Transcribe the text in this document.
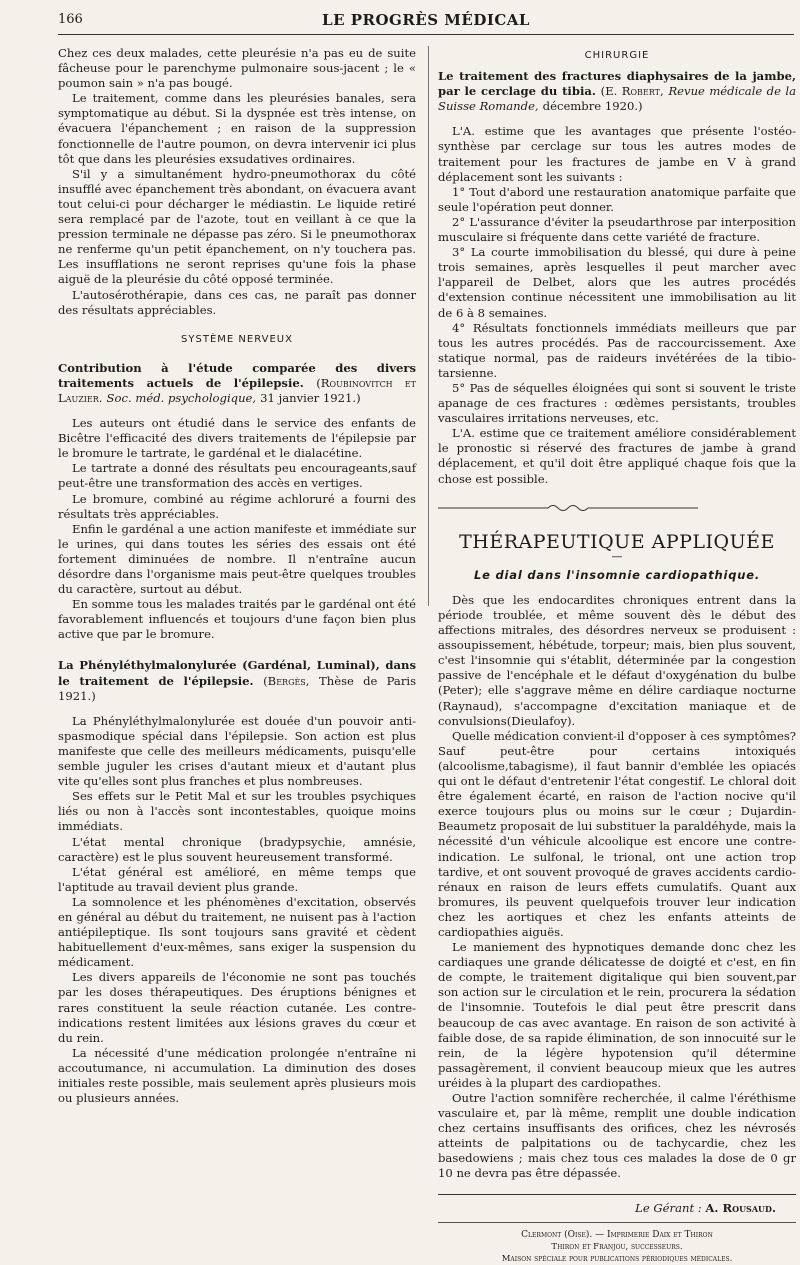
166	LE PROGRÈS MÉDICAL

Chez ces deux malades, cette pleurésie n'a pas eu de suite fâcheuse pour le parenchyme pulmonaire sous-jacent ; le « poumon sain » n'a pas bougé.

Le traitement, comme dans les pleurésies banales, sera symptomatique au début. Si la dyspnée est très intense, on évacuera l'épanchement ; en raison de la suppression fonctionnelle de l'autre poumon, on devra intervenir ici plus tôt que dans les pleurésies exsudatives ordinaires.

S'il y a simultanément hydro-pneumothorax du côté insufflé avec épanchement très abondant, on évacuera avant tout celui-ci pour décharger le médiastin. Le liquide retiré sera remplacé par de l'azote, tout en veillant à ce que la pression terminale ne dépasse pas zéro. Si le pneumothorax ne renferme qu'un petit épanchement, on n'y touchera pas. Les insufflations ne seront reprises qu'une fois la phase aiguë de la pleurésie du côté opposé terminée.

L'autosérothérapie, dans ces cas, ne paraît pas donner des résultats appréciables.

SYSTÈME NERVEUX

Contribution à l'étude comparée des divers traitements actuels de l'épilepsie. (Roubinovitch et Lauzier. Soc. méd. psychologique, 31 janvier 1921.)

Les auteurs ont étudié dans le service des enfants de Bicêtre l'efficacité des divers traitements de l'épilepsie par le bromure le tartrate, le gardénal et le dialacétine.

Le tartrate a donné des résultats peu encourageants,sauf peut-être une transformation des accès en vertiges.

Le bromure, combiné au régime achloruré a fourni des résultats très appréciables.

Enfin le gardénal a une action manifeste et immédiate sur le urines, qui dans toutes les séries des essais ont été fortement diminuées de nombre. Il n'entraîne aucun désordre dans l'organisme mais peut-être quelques troubles du caractère, surtout au début.

En somme tous les malades traités par le gardénal ont été favorablement influencés et toujours d'une façon bien plus active que par le bromure.

La Phényléthylmalonylurée (Gardénal, Luminal), dans le traitement de l'épilepsie. (Bergès, Thèse de Paris 1921.)

La Phényléthylmalonylurée est douée d'un pouvoir anti-spasmodique spécial dans l'épilepsie. Son action est plus manifeste que celle des meilleurs médicaments, puisqu'elle semble juguler les crises d'autant mieux et d'autant plus vite qu'elles sont plus franches et plus nombreuses.

Ses effets sur le Petit Mal et sur les troubles psychiques liés ou non à l'accès sont incontestables, quoique moins immédiats.

L'état mental chronique (bradypsychie, amnésie, caractère) est le plus souvent heureusement transformé.

L'état général est amélioré, en même temps que l'aptitude au travail devient plus grande.

La somnolence et les phénomènes d'excitation, observés en général au début du traitement, ne nuisent pas à l'action antiépileptique. Ils sont toujours sans gravité et cèdent habituellement d'eux-mêmes, sans exiger la suspension du médicament.

Les divers appareils de l'économie ne sont pas touchés par les doses thérapeutiques. Des éruptions bénignes et rares constituent la seule réaction cutanée. Les contre-indications restent limitées aux lésions graves du cœur et du rein.

La nécessité d'une médication prolongée n'entraîne ni accoutumance, ni accumulation. La diminution des doses initiales reste possible, mais seulement après plusieurs mois ou plusieurs années.

CHIRURGIE

Le traitement des fractures diaphysaires de la jambe, par le cerclage du tibia. (E. Robert, Revue médicale de la Suisse Romande, décembre 1920.)

L'A. estime que les avantages que présente l'ostéo-synthèse par cerclage sur tous les autres modes de traitement pour les fractures de jambe en V à grand déplacement sont les suivants :

1° Tout d'abord une restauration anatomique parfaite que seule l'opération peut donner.

2° L'assurance d'éviter la pseudarthrose par interposition musculaire si fréquente dans cette variété de fracture.

3° La courte immobilisation du blessé, qui dure à peine trois semaines, après lesquelles il peut marcher avec l'appareil de Delbet, alors que les autres procédés d'extension continue nécessitent une immobilisation au lit de 6 à 8 semaines.

4° Résultats fonctionnels immédiats meilleurs que par tous les autres procédés. Pas de raccourcissement. Axe statique normal, pas de raideurs invétérées de la tibio-tarsienne.

5° Pas de séquelles éloignées qui sont si souvent le triste apanage de ces fractures : œdèmes persistants, troubles vasculaires irritations nerveuses, etc.

L'A. estime que ce traitement améliore considérablement le pronostic si réservé des fractures de jambe à grand déplacement, et qu'il doit être appliqué chaque fois que la chose est possible.

THÉRAPEUTIQUE APPLIQUÉE
—
Le dial dans l'insomnie cardiopathique.

Dès que les endocardites chroniques entrent dans la période troublée, et même souvent dès le début des affections mitrales, des désordres nerveux se produisent : assoupissement, hébétude, torpeur; mais, bien plus souvent, c'est l'insomnie qui s'établit, déterminée par la congestion passive de l'encéphale et le défaut d'oxygénation du bulbe (Peter); elle s'aggrave même en délire cardiaque nocturne (Raynaud), s'accompagne d'excitation maniaque et de convulsions(Dieulafoy).

Quelle médication convient-il d'opposer à ces symptômes? Sauf peut-être pour certains intoxiqués (alcoolisme,tabagisme), il faut bannir d'emblée les opiacés qui ont le défaut d'entretenir l'état congestif. Le chloral doit être également écarté, en raison de l'action nocive qu'il exerce toujours plus ou moins sur le cœur ; Dujardin-Beaumetz proposait de lui substituer la paraldéhyde, mais la nécessité d'un véhicule alcoolique est encore une contre-indication. Le sulfonal, le trional, ont une action trop tardive, et ont souvent provoqué de graves accidents cardio-rénaux en raison de leurs effets cumulatifs. Quant aux bromures, ils peuvent quelquefois trouver leur indication chez les aortiques et chez les enfants atteints de cardiopathies aiguës.

Le maniement des hypnotiques demande donc chez les cardiaques une grande délicatesse de doigté et c'est, en fin de compte, le traitement digitalique qui bien souvent,par son action sur le circulation et le rein, procurera la sédation de l'insomnie. Toutefois le dial peut être prescrit dans beaucoup de cas avec avantage. En raison de son activité à faible dose, de sa rapide élimination, de son innocuité sur le rein, de la légère hypotension qu'il détermine passagèrement, il convient beaucoup mieux que les autres uréides à la plupart des cardiopathes.

Outre l'action somnifère recherchée, il calme l'éréthisme vasculaire et, par là même, remplit une double indication chez certains insuffisants des orifices, chez les névrosés atteints de palpitations ou de tachycardie, chez les basedowiens ; mais chez tous ces malades la dose de 0 gr 10 ne devra pas être dépassée.

Le Gérant : A. Rousaud.

Clermont (Oise). — Imprimerie Daix et Thiron
Thiron et Franjou, successeurs.
Maison spéciale pour publications périodiques médicales.
